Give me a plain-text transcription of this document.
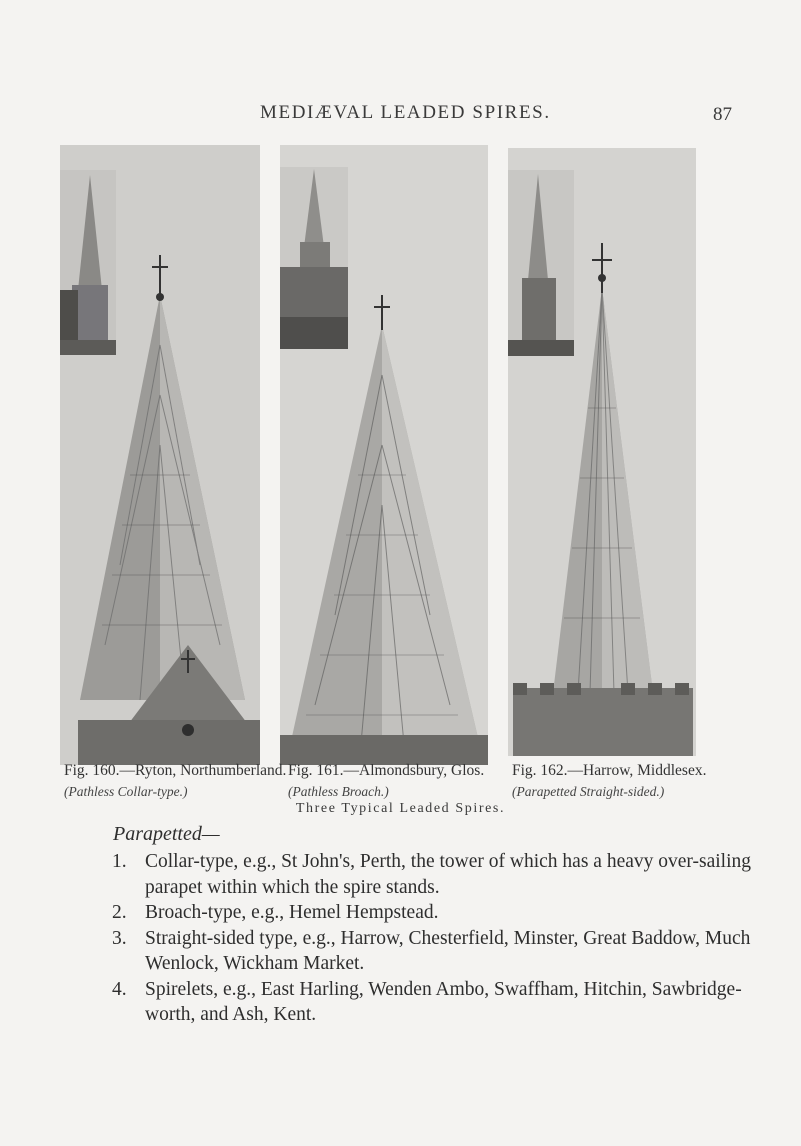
MEDIÆVAL LEADED SPIRES.	87
Fig. 160.—Ryton, Northumberland.
(Pathless Collar-type.)
Fig. 161.—Almondsbury, Glos.
(Pathless Broach.)
Fig. 162.—Harrow, Middlesex.
(Parapetted Straight-sided.)
Three Typical Leaded Spires.
Parapetted—
1. Collar-type, e.g., St John's, Perth, the tower of which has a heavy over-sailing parapet within which the spire stands.
2. Broach-type, e.g., Hemel Hempstead.
3. Straight-sided type, e.g., Harrow, Chesterfield, Minster, Great Baddow, Much Wenlock, Wickham Market.
4. Spirelets, e.g., East Harling, Wenden Ambo, Swaffham, Hitchin, Sawbridge-worth, and Ash, Kent.
